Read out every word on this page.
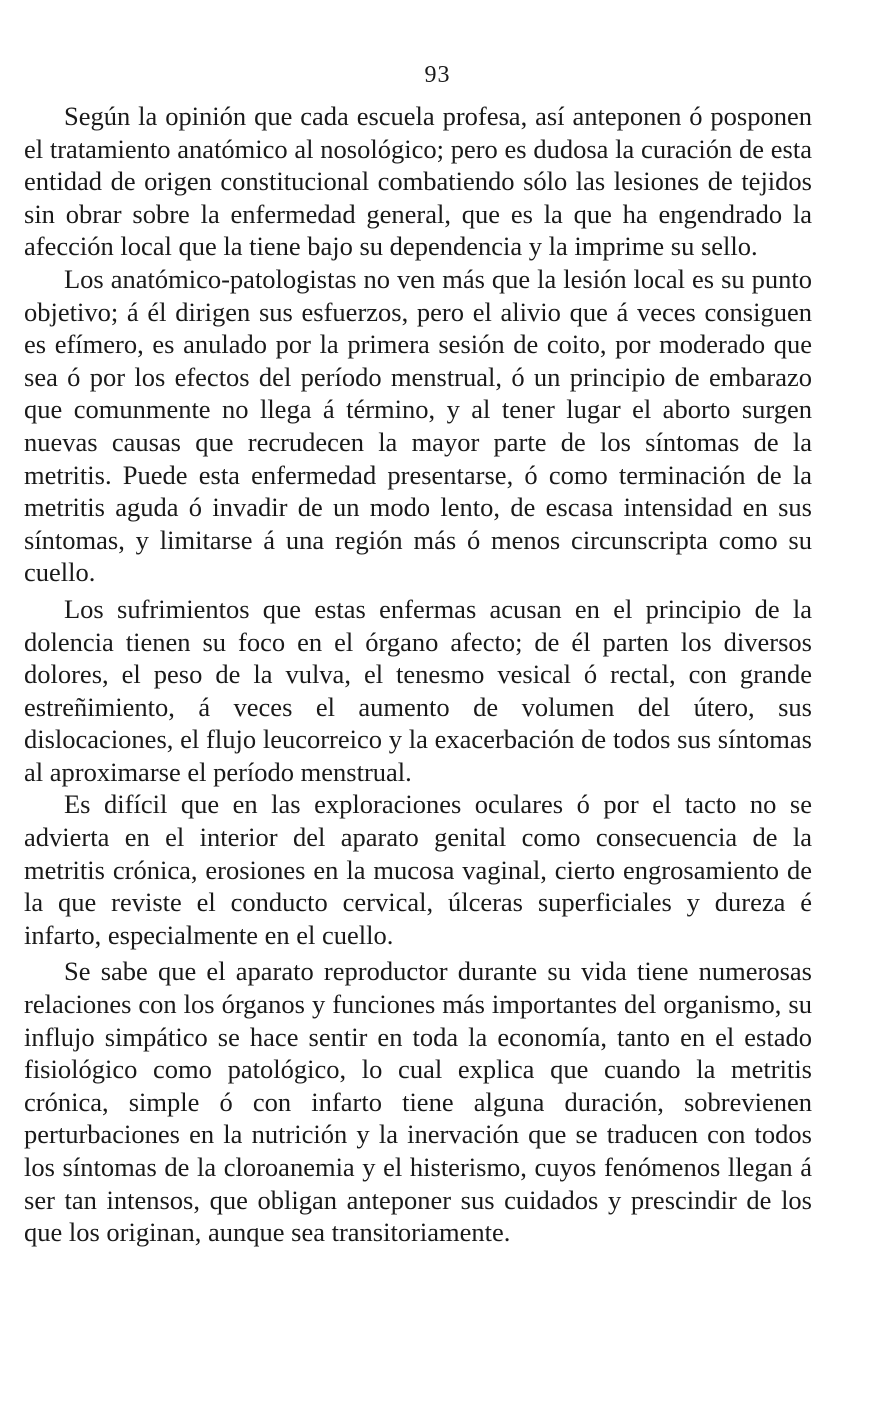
93

Según la opinión que cada escuela profesa, así anteponen ó posponen el tratamiento anatómico al nosológico; pero es dudosa la curación de esta entidad de origen constitucional combatiendo sólo las lesiones de tejidos sin obrar sobre la enfermedad general, que es la que ha engendrado la afección local que la tiene bajo su dependencia y la imprime su sello.

Los anatómico-patologistas no ven más que la lesión local es su punto objetivo; á él dirigen sus esfuerzos, pero el alivio que á veces consiguen es efímero, es anulado por la primera sesión de coito, por moderado que sea ó por los efectos del período menstrual, ó un principio de embarazo que comunmente no llega á término, y al tener lugar el aborto surgen nuevas causas que recrudecen la mayor parte de los síntomas de la metritis. Puede esta enfermedad presentarse, ó como terminación de la metritis aguda ó invadir de un modo lento, de escasa intensidad en sus síntomas, y limitarse á una región más ó menos circunscripta como su cuello.

Los sufrimientos que estas enfermas acusan en el principio de la dolencia tienen su foco en el órgano afecto; de él parten los diversos dolores, el peso de la vulva, el tenesmo vesical ó rectal, con grande estreñimiento, á veces el aumento de volumen del útero, sus dislocaciones, el flujo leucorreico y la exacerbación de todos sus síntomas al aproximarse el período menstrual.

Es difícil que en las exploraciones oculares ó por el tacto no se advierta en el interior del aparato genital como consecuencia de la metritis crónica, erosiones en la mucosa vaginal, cierto engrosamiento de la que reviste el conducto cervical, úlceras superficiales y dureza é infarto, especialmente en el cuello.

Se sabe que el aparato reproductor durante su vida tiene numerosas relaciones con los órganos y funciones más importantes del organismo, su influjo simpático se hace sentir en toda la economía, tanto en el estado fisiológico como patológico, lo cual explica que cuando la metritis crónica, simple ó con infarto tiene alguna duración, sobrevienen perturbaciones en la nutrición y la inervación que se traducen con todos los síntomas de la cloroanemia y el histerismo, cuyos fenómenos llegan á ser tan intensos, que obligan anteponer sus cuidados y prescindir de los que los originan, aunque sea transitoriamente.
